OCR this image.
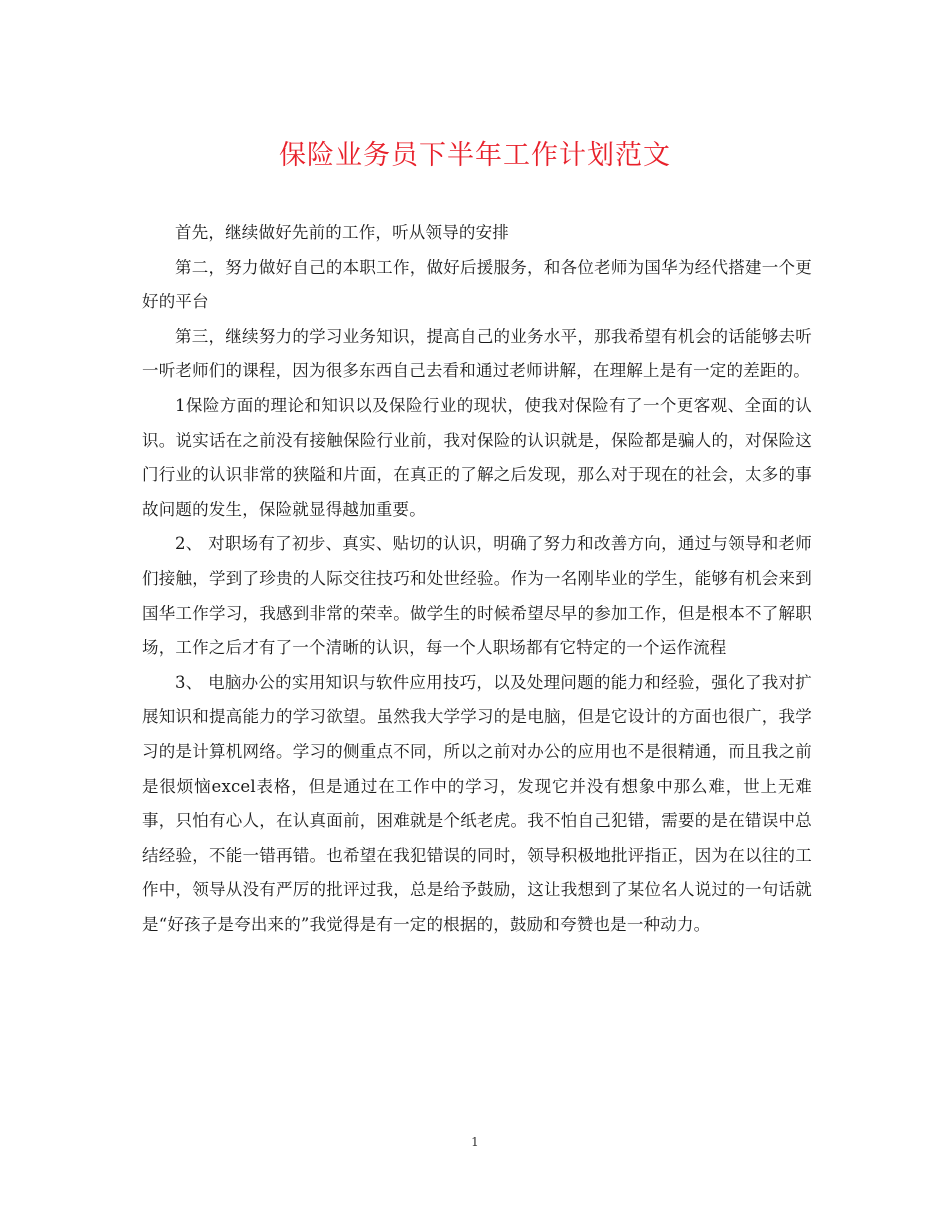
保险业务员下半年工作计划范文

首先，继续做好先前的工作，听从领导的安排

第二，努力做好自己的本职工作，做好后援服务，和各位老师为国华为经代搭建一个更好的平台

第三，继续努力的学习业务知识，提高自己的业务水平，那我希望有机会的话能够去听一听老师们的课程，因为很多东西自己去看和通过老师讲解，在理解上是有一定的差距的。

1保险方面的理论和知识以及保险行业的现状，使我对保险有了一个更客观、全面的认识。说实话在之前没有接触保险行业前，我对保险的认识就是，保险都是骗人的，对保险这门行业的认识非常的狭隘和片面，在真正的了解之后发现，那么对于现在的社会，太多的事故问题的发生，保险就显得越加重要。

2、 对职场有了初步、真实、贴切的认识，明确了努力和改善方向，通过与领导和老师们接触，学到了珍贵的人际交往技巧和处世经验。作为一名刚毕业的学生，能够有机会来到国华工作学习，我感到非常的荣幸。做学生的时候希望尽早的参加工作，但是根本不了解职场，工作之后才有了一个清晰的认识，每一个人职场都有它特定的一个运作流程

3、 电脑办公的实用知识与软件应用技巧，以及处理问题的能力和经验，强化了我对扩展知识和提高能力的学习欲望。虽然我大学学习的是电脑，但是它设计的方面也很广，我学习的是计算机网络。学习的侧重点不同，所以之前对办公的应用也不是很精通，而且我之前是很烦恼excel表格，但是通过在工作中的学习，发现它并没有想象中那么难，世上无难事，只怕有心人，在认真面前，困难就是个纸老虎。我不怕自己犯错，需要的是在错误中总结经验，不能一错再错。也希望在我犯错误的同时，领导积极地批评指正，因为在以往的工作中，领导从没有严厉的批评过我，总是给予鼓励，这让我想到了某位名人说过的一句话就是“好孩子是夸出来的”我觉得是有一定的根据的，鼓励和夸赞也是一种动力。

1
